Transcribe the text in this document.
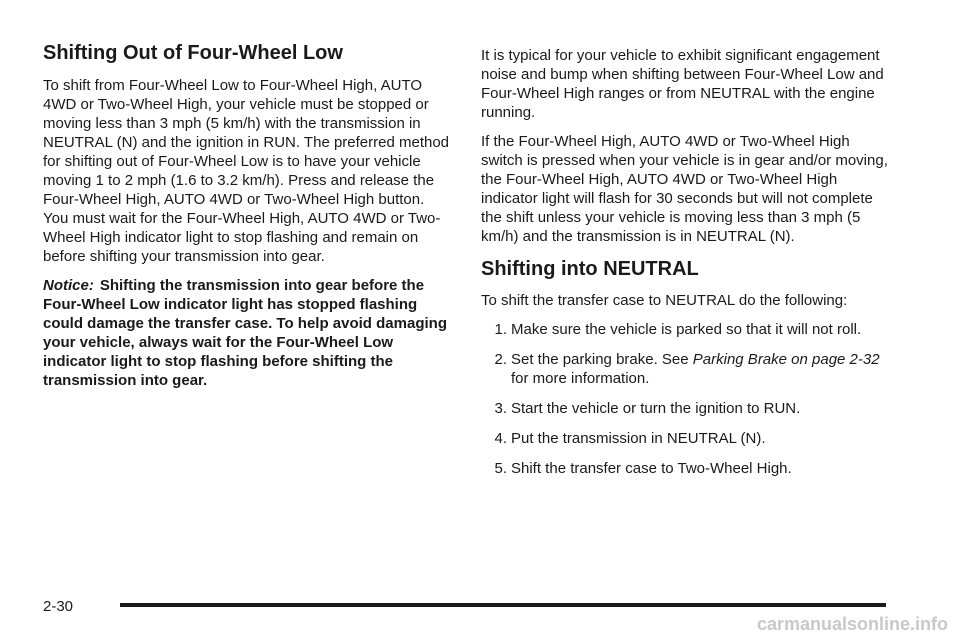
Shifting Out of Four-Wheel Low

To shift from Four-Wheel Low to Four-Wheel High, AUTO 4WD or Two-Wheel High, your vehicle must be stopped or moving less than 3 mph (5 km/h) with the transmission in NEUTRAL (N) and the ignition in RUN. The preferred method for shifting out of Four-Wheel Low is to have your vehicle moving 1 to 2 mph (1.6 to 3.2 km/h). Press and release the Four-Wheel High, AUTO 4WD or Two-Wheel High button. You must wait for the Four-Wheel High, AUTO 4WD or Two-Wheel High indicator light to stop flashing and remain on before shifting your transmission into gear.

Notice: Shifting the transmission into gear before the Four-Wheel Low indicator light has stopped flashing could damage the transfer case. To help avoid damaging your vehicle, always wait for the Four-Wheel Low indicator light to stop flashing before shifting the transmission into gear.

It is typical for your vehicle to exhibit significant engagement noise and bump when shifting between Four-Wheel Low and Four-Wheel High ranges or from NEUTRAL with the engine running.

If the Four-Wheel High, AUTO 4WD or Two-Wheel High switch is pressed when your vehicle is in gear and/or moving, the Four-Wheel High, AUTO 4WD or Two-Wheel High indicator light will flash for 30 seconds but will not complete the shift unless your vehicle is moving less than 3 mph (5 km/h) and the transmission is in NEUTRAL (N).

Shifting into NEUTRAL

To shift the transfer case to NEUTRAL do the following:

1. Make sure the vehicle is parked so that it will not roll.
2. Set the parking brake. See Parking Brake on page 2-32 for more information.
3. Start the vehicle or turn the ignition to RUN.
4. Put the transmission in NEUTRAL (N).
5. Shift the transfer case to Two-Wheel High.
2-30
carmanualsonline.info
